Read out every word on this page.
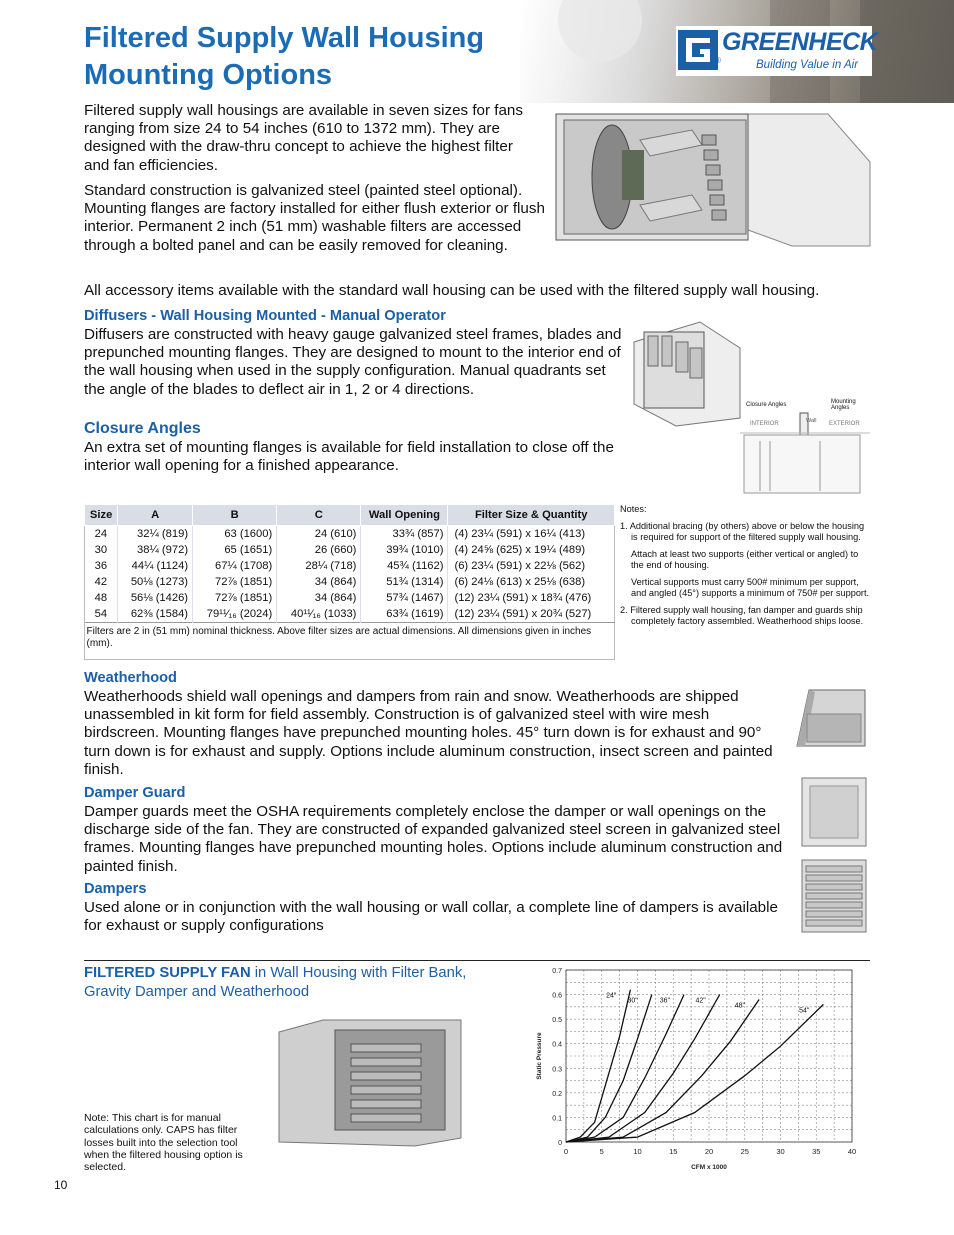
®
GREENHECK
Building Value in Air
Filtered Supply Wall Housing
Mounting Options

Filtered supply wall housings are available in seven sizes for fans ranging from size 24 to 54 inches (610 to 1372 mm). They are designed with the draw-thru concept to achieve the highest filter and fan efficiencies.

Standard construction is galvanized steel (painted steel optional). Mounting flanges are factory installed for either flush exterior or flush interior. Permanent 2 inch (51 mm) washable filters are accessed through a bolted panel and can be easily removed for cleaning.

All accessory items available with the standard wall housing can be used with the filtered supply wall housing.

Diffusers - Wall Housing Mounted - Manual Operator

Diffusers are constructed with heavy gauge galvanized steel frames, blades and prepunched mounting flanges. They are designed to mount to the interior end of the wall housing when used in the supply configuration. Manual quadrants set the angle of the blades to deflect air in 1, 2 or 4 directions.

Closure Angles	Mounting Angles
Wall
INTERIOR	EXTERIOR

Closure Angles

An extra set of mounting flanges is available for field installation to close off the interior wall opening for a finished appearance.

Size	A	B	C	Wall Opening	Filter Size & Quantity
24	32¼ (819)	63 (1600)	24 (610)	33¾ (857)	(4) 23¼ (591) x 16¼ (413)
30	38¼ (972)	65 (1651)	26 (660)	39¾ (1010)	(4) 24⅝ (625) x 19¼ (489)
36	44¼ (1124)	67¼ (1708)	28¼ (718)	45¾ (1162)	(6) 23¼ (591) x 22⅛ (562)
42	50⅛ (1273)	72⅞ (1851)	34 (864)	51¾ (1314)	(6) 24⅛ (613) x 25⅛ (638)
48	56⅛ (1426)	72⅞ (1851)	34 (864)	57¾ (1467)	(12) 23¼ (591) x 18¾ (476)
54	62⅜ (1584)	79¹¹⁄₁₆ (2024)	40¹¹⁄₁₆ (1033)	63¾ (1619)	(12) 23¼ (591) x 20¾ (527)
Filters are 2 in (51 mm) nominal thickness. Above filter sizes are actual dimensions. All dimensions given in inches (mm).					

Notes:

1. Additional bracing (by others) above or below the housing is required for support of the filtered supply wall housing.

Attach at least two supports (either vertical or angled) to the end of housing.

Vertical supports must carry 500# minimum per support, and angled (45°) supports a minimum of 750# per support.

2. Filtered supply wall housing, fan damper and guards ship completely factory assembled. Weatherhood ships loose.

Weatherhood

Weatherhoods shield wall openings and dampers from rain and snow. Weatherhoods are shipped unassembled in kit form for field assembly. Construction is of galvanized steel with wire mesh birdscreen. Mounting flanges have prepunched mounting holes. 45° turn down is for exhaust and 90° turn down is for exhaust and supply. Options include aluminum construction, insect screen and painted finish.

Damper Guard

Damper guards meet the OSHA requirements completely enclose the damper or wall openings on the discharge side of the fan. They are constructed of expanded galvanized steel screen in galvanized steel frames. Mounting flanges have prepunched mounting holes. Options include aluminum construction and painted finish.

Dampers

Used alone or in conjunction with the wall housing or wall collar, a complete line of dampers is available for exhaust or supply configurations

FILTERED SUPPLY FAN in Wall Housing with Filter Bank, Gravity Damper and Weatherhood
Note: This chart is for manual calculations only. CAPS has filter losses built into the selection tool when the filtered housing option is selected.
0	5	10	15	20	25	30	35	40
0
0.1
0.2
0.3
0.4
0.5
0.6
0.7
CFM x 1000
Static Pressure
24"
30"	36"	42"
48"
54"
10
